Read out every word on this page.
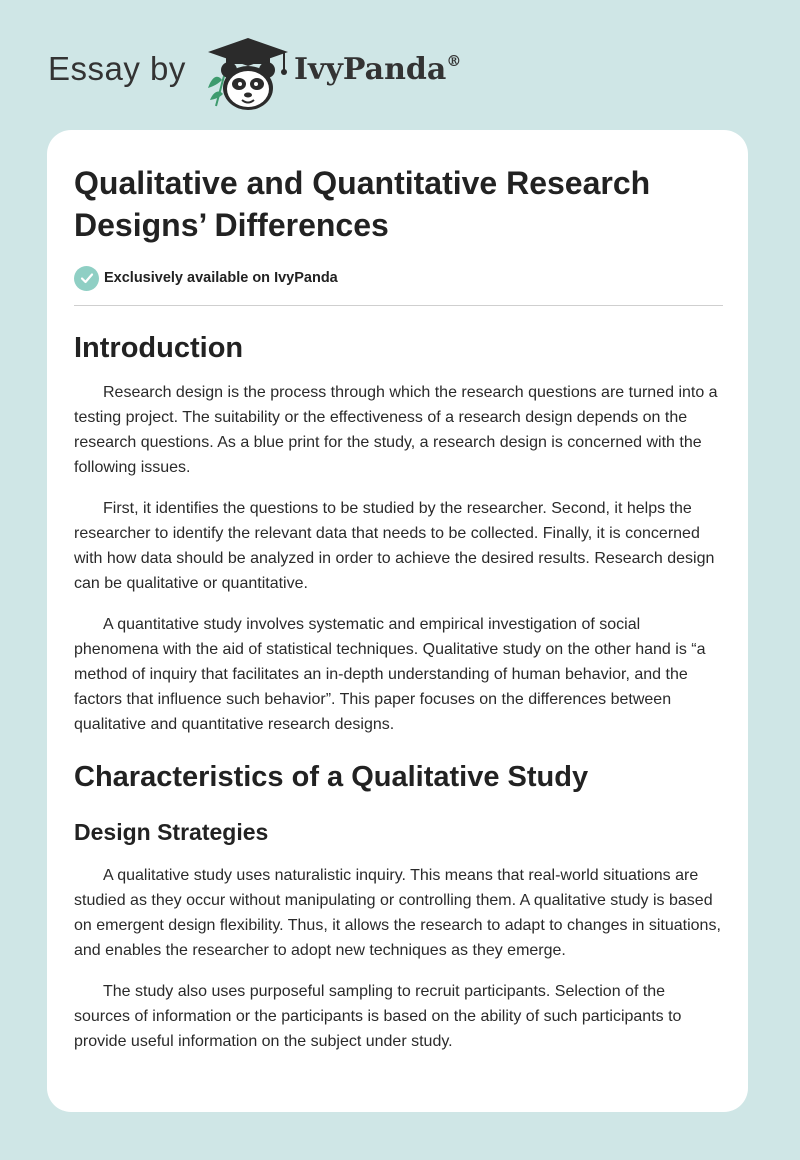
Essay by	IvyPanda®
Qualitative and Quantitative Research Designs’ Differences
Exclusively available on IvyPanda
Introduction

Research design is the process through which the research questions are turned into a testing project. The suitability or the effectiveness of a research design depends on the research questions. As a blue print for the study, a research design is concerned with the following issues.

First, it identifies the questions to be studied by the researcher. Second, it helps the researcher to identify the relevant data that needs to be collected. Finally, it is concerned with how data should be analyzed in order to achieve the desired results. Research design can be qualitative or quantitative.

A quantitative study involves systematic and empirical investigation of social phenomena with the aid of statistical techniques. Qualitative study on the other hand is “a method of inquiry that facilitates an in-depth understanding of human behavior, and the factors that influence such behavior”. This paper focuses on the differences between qualitative and quantitative research designs.

Characteristics of a Qualitative Study
Design Strategies

A qualitative study uses naturalistic inquiry. This means that real-world situations are studied as they occur without manipulating or controlling them. A qualitative study is based on emergent design flexibility. Thus, it allows the research to adapt to changes in situations, and enables the researcher to adopt new techniques as they emerge.

The study also uses purposeful sampling to recruit participants. Selection of the sources of information or the participants is based on the ability of such participants to provide useful information on the subject under study.
